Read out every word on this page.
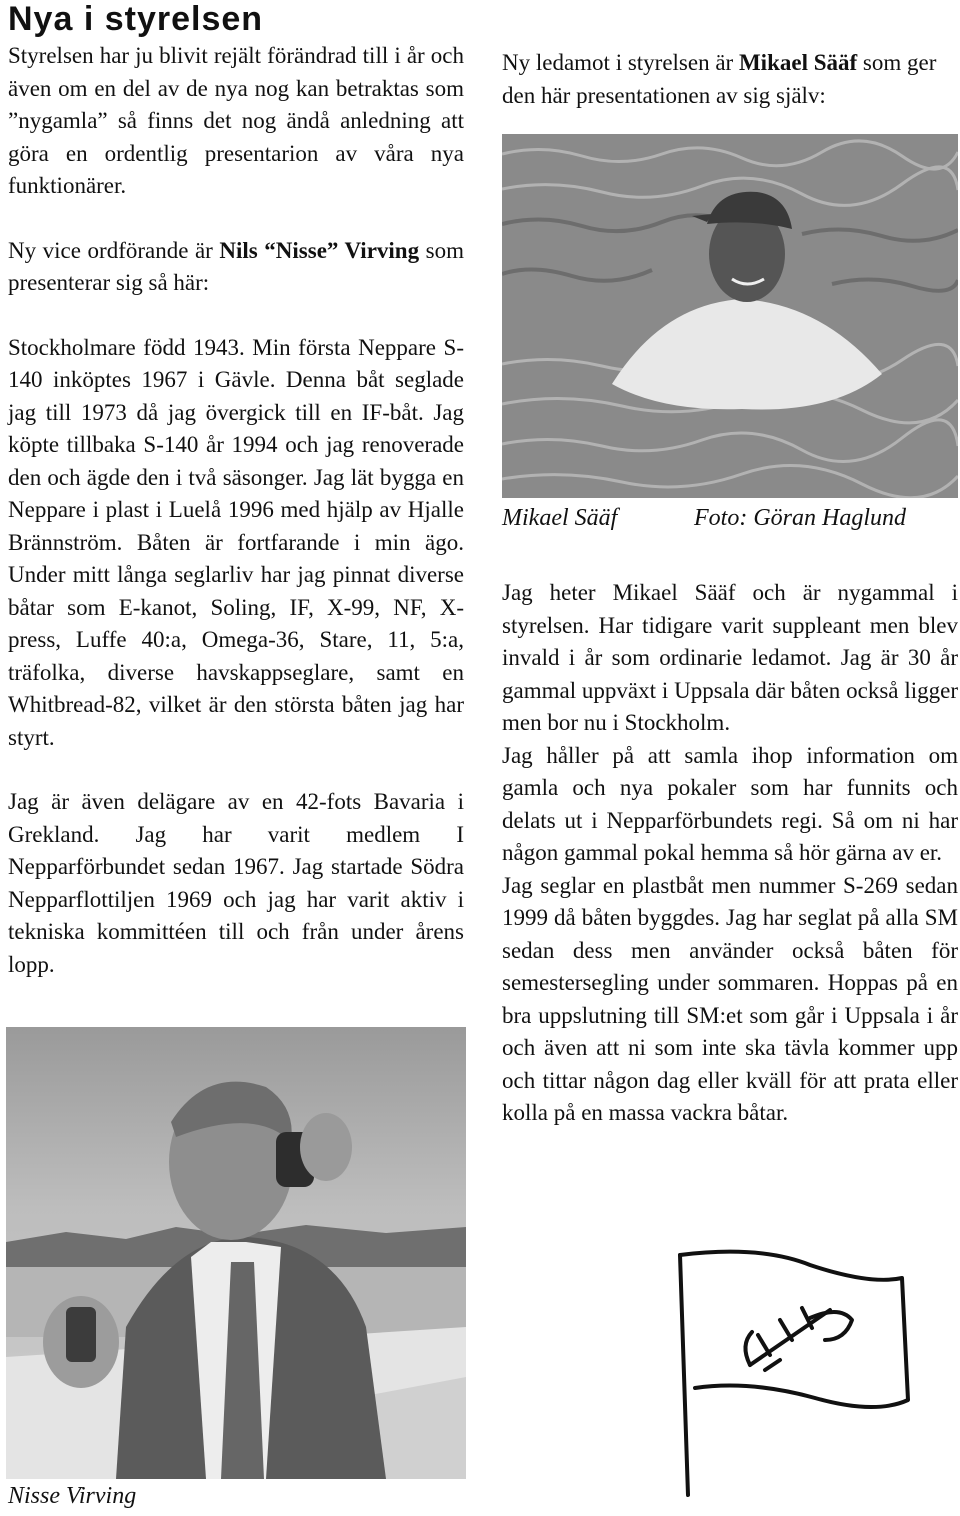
Nya i styrelsen

Styrelsen har ju blivit rejält förändrad till i år och även om en del av de nya nog kan betraktas som ”nygamla” så finns det nog ändå anledning att göra en ordentlig presentarion av våra nya funktionärer.

Ny vice ordförande är Nils “Nisse” Virving som presenterar sig så här:

Stockholmare född 1943. Min första Neppare S-140 inköptes 1967 i Gävle. Denna båt seglade jag till 1973 då jag övergick till en IF-båt. Jag köpte tillbaka S-140 år 1994 och jag renoverade den och ägde den i två säsonger. Jag lät bygga en Neppare i plast i Luelå 1996 med hjälp av Hjalle Brännström. Båten är fortfarande i min ägo. Under mitt långa seglarliv har jag pinnat diverse båtar som E-kanot, Soling, IF, X-99, NF, X-press, Luffe 40:a, Omega-36, Stare, 11, 5:a, träfolka, diverse havskappseglare, samt en Whitbread-82, vilket är den största båten jag har styrt.

Jag är även delägare av en 42-fots Bavaria i Grekland. Jag har varit medlem I Nepparförbundet sedan 1967. Jag startade Södra Nepparflottiljen 1969 och jag har varit aktiv i tekniska kommittéen till och från under årens lopp.

Nisse Virving
Ny ledamot i styrelsen är Mikael Sääf som ger den här presentationen av sig själv:
Mikael Sääf	Foto: Göran Haglund

Jag heter Mikael Sääf och är nygammal i styrelsen. Har tidigare varit suppleant men blev invald i år som ordinarie ledamot. Jag är 30 år gammal uppväxt i Uppsala där båten också ligger men bor nu i Stockholm.

Jag håller på att samla ihop information om gamla och nya pokaler som har funnits och delats ut i Nepparförbundets regi. Så om ni har någon gammal pokal hemma så hör gärna av er.

Jag seglar en plastbåt men nummer S-269 sedan 1999 då båten byggdes. Jag har seglat på alla SM sedan dess men använder också båten för semestersegling under sommaren. Hoppas på en bra uppslutning till SM:et som går i Uppsala i år och även att ni som inte ska tävla kommer upp och tittar någon dag eller kväll för att prata eller kolla på en massa vackra båtar.
